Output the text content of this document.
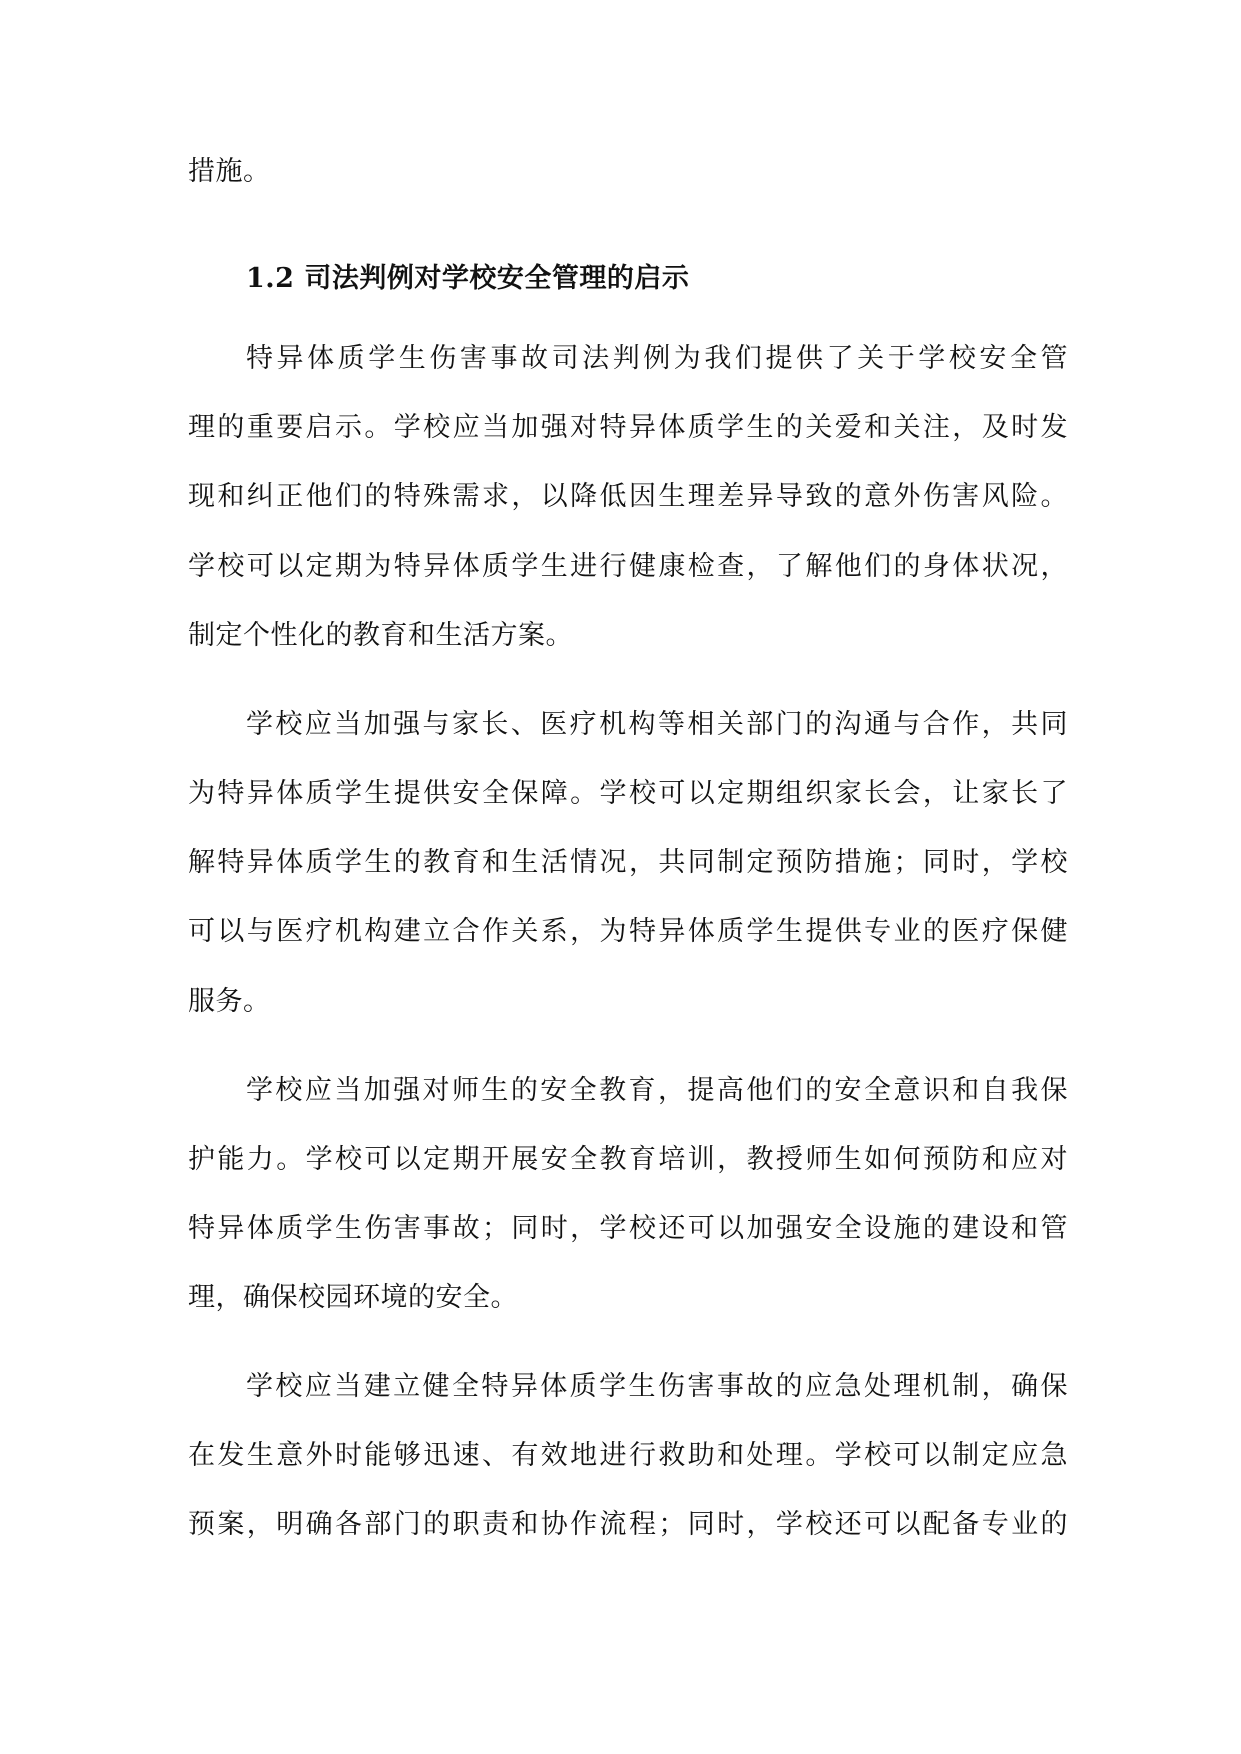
措施。
1.2 司法判例对学校安全管理的启示
特异体质学生伤害事故司法判例为我们提供了关于学校安全管
理的重要启示。学校应当加强对特异体质学生的关爱和关注，及时发
现和纠正他们的特殊需求，以降低因生理差异导致的意外伤害风险。
学校可以定期为特异体质学生进行健康检查，了解他们的身体状况，
制定个性化的教育和生活方案。
学校应当加强与家长、医疗机构等相关部门的沟通与合作，共同
为特异体质学生提供安全保障。学校可以定期组织家长会，让家长了
解特异体质学生的教育和生活情况，共同制定预防措施；同时，学校
可以与医疗机构建立合作关系，为特异体质学生提供专业的医疗保健
服务。
学校应当加强对师生的安全教育，提高他们的安全意识和自我保
护能力。学校可以定期开展安全教育培训，教授师生如何预防和应对
特异体质学生伤害事故；同时，学校还可以加强安全设施的建设和管
理，确保校园环境的安全。
学校应当建立健全特异体质学生伤害事故的应急处理机制，确保
在发生意外时能够迅速、有效地进行救助和处理。学校可以制定应急
预案，明确各部门的职责和协作流程；同时，学校还可以配备专业的
